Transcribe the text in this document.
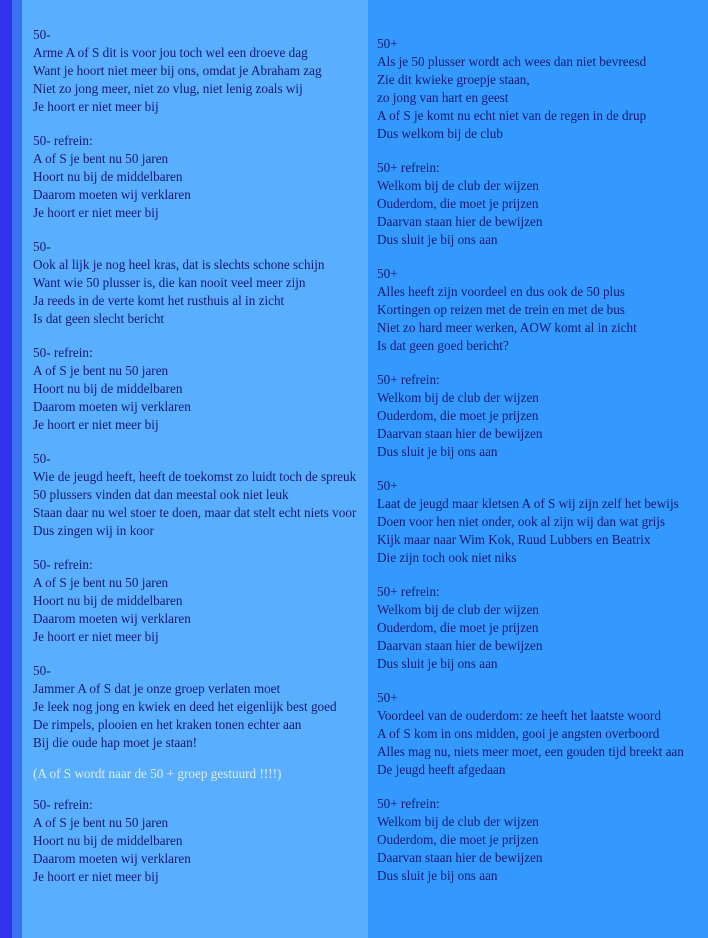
50-
Arme A of S dit is voor jou toch wel een droeve dag
Want je hoort niet meer bij ons, omdat je Abraham zag
Niet zo jong meer, niet zo vlug, niet lenig zoals wij
Je hoort er niet meer bij
50- refrein:
A of S je bent nu 50 jaren
Hoort nu bij de middelbaren
Daarom moeten wij verklaren
Je hoort er niet meer bij
50-
Ook al lijk je nog heel kras, dat is slechts schone schijn
Want wie 50 plusser is, die kan nooit veel meer zijn
Ja reeds in de verte komt het rusthuis al in zicht
Is dat geen slecht bericht
50- refrein:
A of S je bent nu 50 jaren
Hoort nu bij de middelbaren
Daarom moeten wij verklaren
Je hoort er niet meer bij
50-
Wie de jeugd heeft, heeft de toekomst zo luidt toch de spreuk
50 plussers vinden dat dan meestal ook niet leuk
Staan daar nu wel stoer te doen, maar dat stelt echt niets voor
Dus zingen wij in koor
50- refrein:
A of S je bent nu 50 jaren
Hoort nu bij de middelbaren
Daarom moeten wij verklaren
Je hoort er niet meer bij
50-
Jammer A of S dat je onze groep verlaten moet
Je leek nog jong en kwiek en deed het eigenlijk best goed
De rimpels, plooien en het kraken tonen echter aan
Bij die oude hap moet je staan!
(A of S wordt naar de 50 + groep gestuurd !!!!)
50- refrein:
A of S je bent nu 50 jaren
Hoort nu bij de middelbaren
Daarom moeten wij verklaren
Je hoort er niet meer bij
50+
Als je 50 plusser wordt ach wees dan niet bevreesd
Zie dit kwieke groepje staan,
zo jong van hart en geest
A of S je komt nu echt niet van de regen in de drup
Dus welkom bij de club
50+ refrein:
Welkom bij de club der wijzen
Ouderdom, die moet je prijzen
Daarvan staan hier de bewijzen
Dus sluit je bij ons aan
50+
Alles heeft zijn voordeel en dus ook de 50 plus
Kortingen op reizen met de trein en met de bus
Niet zo hard meer werken, AOW komt al in zicht
Is dat geen goed bericht?
50+ refrein:
Welkom bij de club der wijzen
Ouderdom, die moet je prijzen
Daarvan staan hier de bewijzen
Dus sluit je bij ons aan
50+
Laat de jeugd maar kletsen A of S wij zijn zelf het bewijs
Doen voor hen niet onder, ook al zijn wij dan wat grijs
Kijk maar naar Wim Kok, Ruud Lubbers en Beatrix
Die zijn toch ook niet niks
50+ refrein:
Welkom bij de club der wijzen
Ouderdom, die moet je prijzen
Daarvan staan hier de bewijzen
Dus sluit je bij ons aan
50+
Voordeel van de ouderdom: ze heeft het laatste woord
A of S kom in ons midden, gooi je angsten overboord
Alles mag nu, niets meer moet, een gouden tijd breekt aan
De jeugd heeft afgedaan
50+ refrein:
Welkom bij de club der wijzen
Ouderdom, die moet je prijzen
Daarvan staan hier de bewijzen
Dus sluit je bij ons aan
